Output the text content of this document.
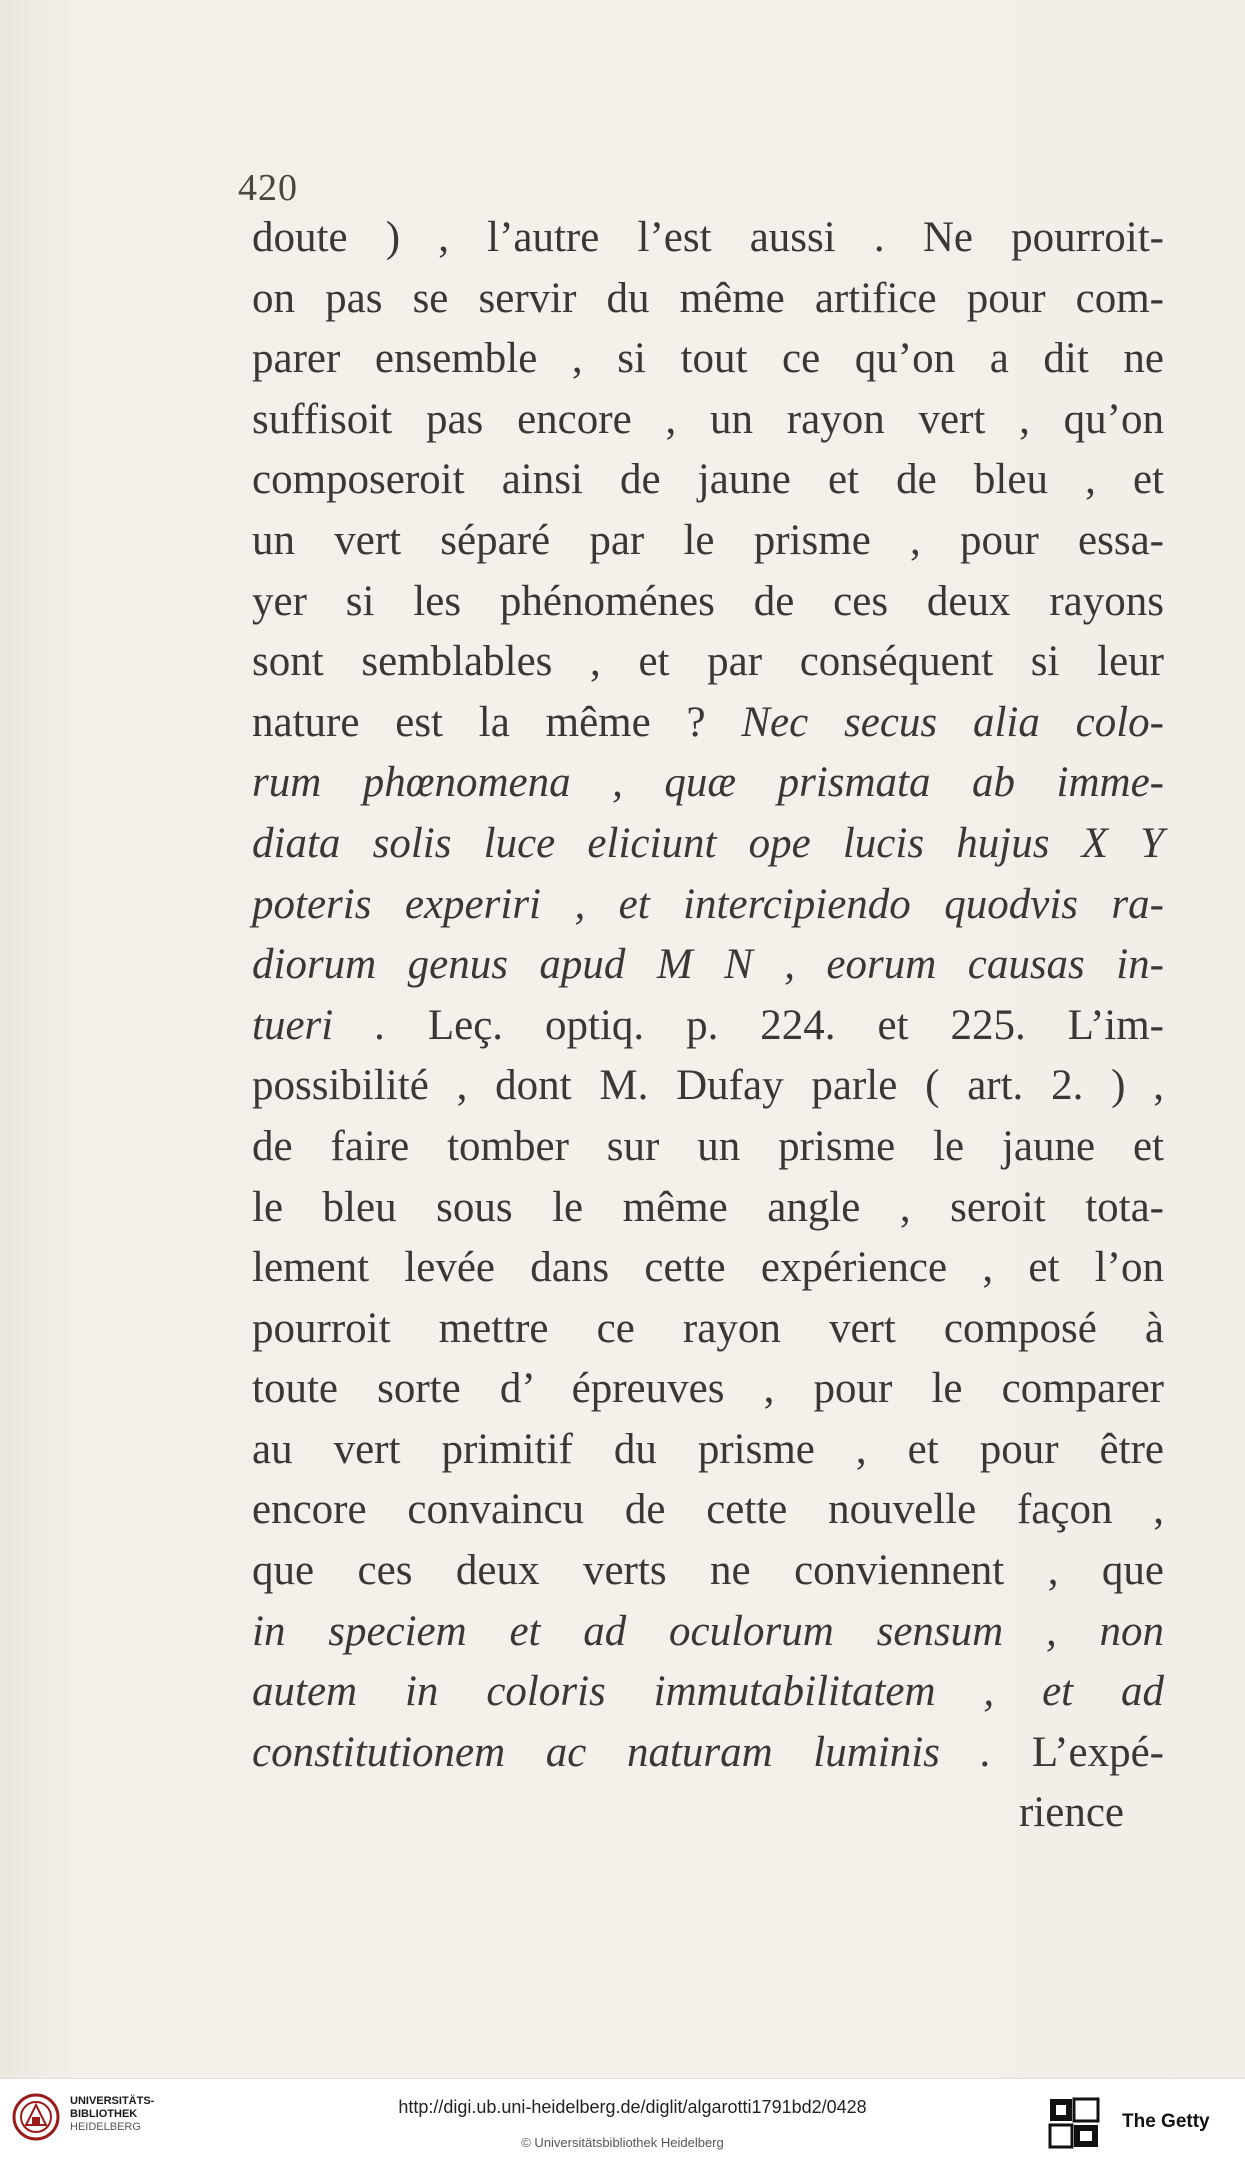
420
doute ) , l’autre l’est aussi . Ne pourroit-
on pas se servir du même artifice pour com-
parer ensemble , si tout ce qu’on a dit ne
suffisoit pas encore , un rayon vert , qu’on
composeroit ainsi de jaune et de bleu , et
un vert séparé par le prisme , pour essa-
yer si les phénoménes de ces deux rayons
sont semblables , et par conséquent si leur
nature est la même ? Nec secus alia colo-
rum phœnomena , quæ prismata ab imme-
diata solis luce eliciunt ope lucis hujus X Y
poteris experiri , et intercipiendo quodvis ra-
diorum genus apud M N , eorum causas in-
tueri . Leç. optiq. p. 224. et 225. L’im-
possibilité , dont M. Dufay parle ( art. 2. ) ,
de faire tomber sur un prisme le jaune et
le bleu sous le même angle , seroit tota-
lement levée dans cette expérience , et l’on
pourroit mettre ce rayon vert composé à
toute sorte d’ épreuves , pour le comparer
au vert primitif du prisme , et pour être
encore convaincu de cette nouvelle façon ,
que ces deux verts ne conviennent , que
in speciem et ad oculorum sensum , non
autem in coloris immutabilitatem , et ad
constitutionem ac naturam luminis . L’expé-
rience
UNIVERSITÄTS-
BIBLIOTHEK
HEIDELBERG
http://digi.ub.uni-heidelberg.de/diglit/algarotti1791bd2/0428
© Universitätsbibliothek Heidelberg
The Getty
